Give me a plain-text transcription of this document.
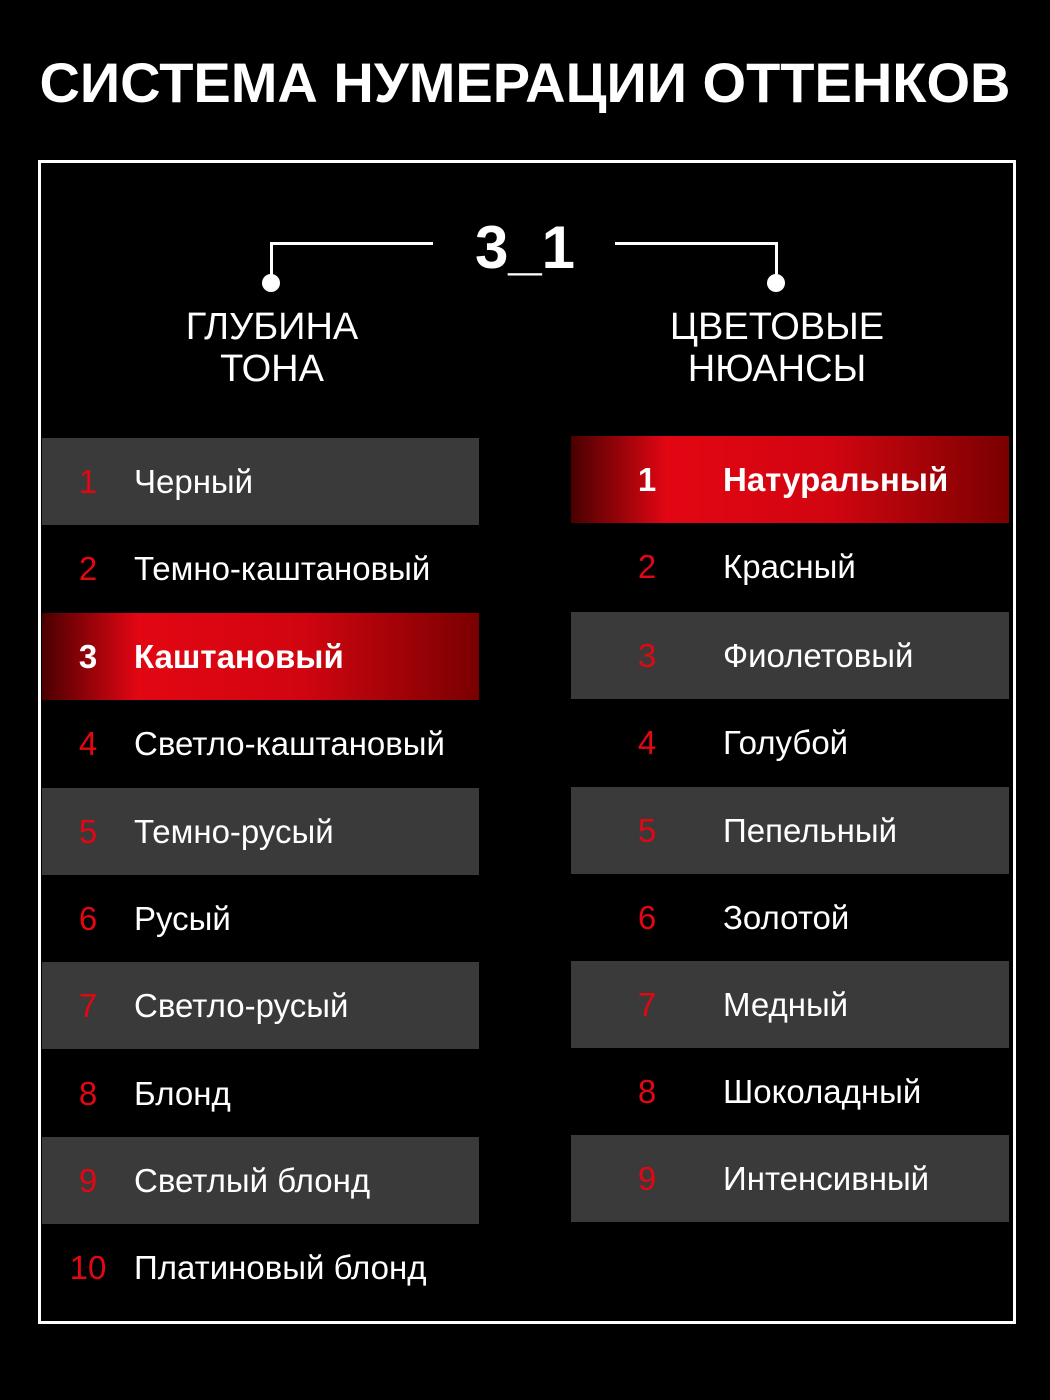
СИСТЕМА НУМЕРАЦИИ ОТТЕНКОВ
3_1
ГЛУБИНА
ТОНА
ЦВЕТОВЫЕ
НЮАНСЫ
1	Черный
2	Темно-каштановый
3	Каштановый
4	Светло-каштановый
5	Темно-русый
6	Русый
7	Светло-русый
8	Блонд
9	Светлый блонд
10 Платиновый блонд
1	Натуральный
2	Красный
3	Фиолетовый
4	Голубой
5	Пепельный
6	Золотой
7	Медный
8	Шоколадный
9	Интенсивный
